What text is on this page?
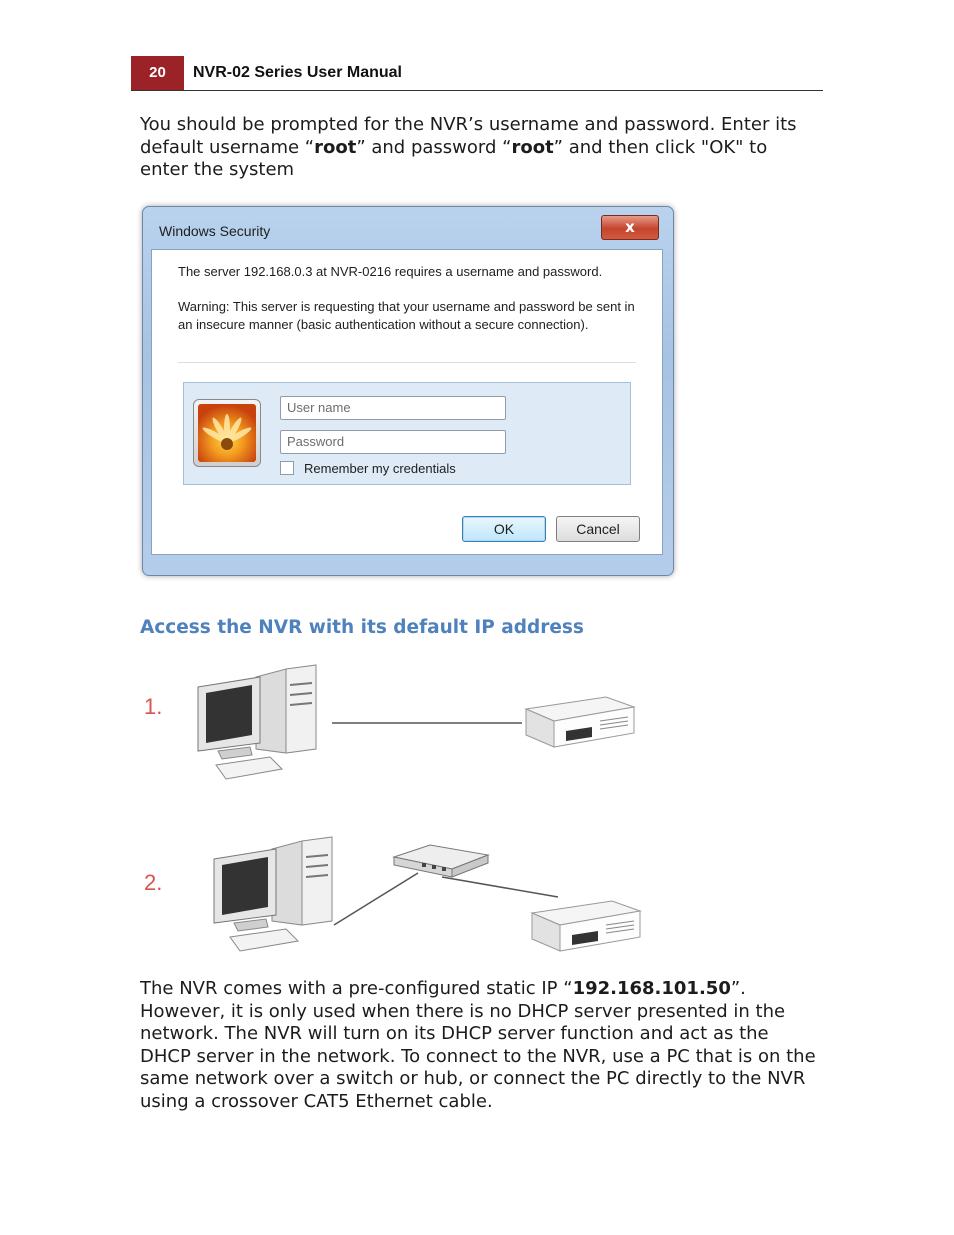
20	NVR-02 Series User Manual
You should be prompted for the NVR’s username and password. Enter its default username “root” and password “root” and then click "OK" to enter the system
Windows Security	x
The server 192.168.0.3 at NVR-0216 requires a username and password.
Warning: This server is requesting that your username and password be sent in an insecure manner (basic authentication without a secure connection).
User name
Password
Remember my credentials
OK	Cancel
Access the NVR with its default IP address
1.
2.
The NVR comes with a pre-configured static IP “192.168.101.50”. However, it is only used when there is no DHCP server presented in the network. The NVR will turn on its DHCP server function and act as the DHCP server in the network. To connect to the NVR, use a PC that is on the same network over a switch or hub, or connect the PC directly to the NVR using a crossover CAT5 Ethernet cable.
